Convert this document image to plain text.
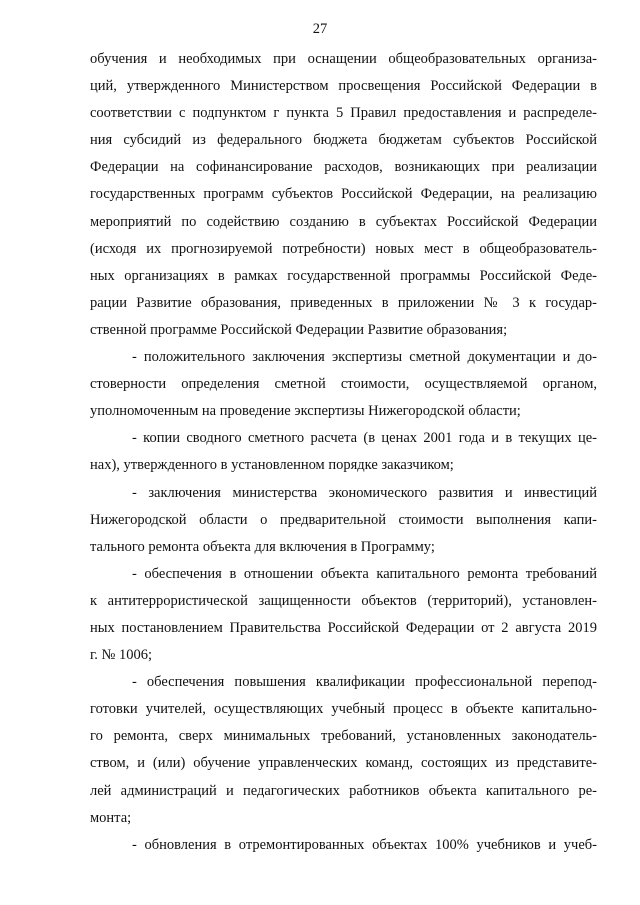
27
обучения и необходимых при оснащении общеобразовательных организа-
ций, утвержденного Министерством просвещения Российской Федерации в
соответствии с подпунктом г пункта 5 Правил предоставления и распределе-
ния субсидий из федерального бюджета бюджетам субъектов Российской
Федерации на софинансирование расходов, возникающих при реализации
государственных программ субъектов Российской Федерации, на реализацию
мероприятий по содействию созданию в субъектах Российской Федерации
(исходя их прогнозируемой потребности) новых мест в общеобразователь-
ных организациях в рамках государственной программы Российской Феде-
рации Развитие образования, приведенных в приложении № 3 к государ-
ственной программе Российской Федерации Развитие образования;
- положительного заключения экспертизы сметной документации и до-
стоверности определения сметной стоимости, осуществляемой органом,
уполномоченным на проведение экспертизы Нижегородской области;
- копии сводного сметного расчета (в ценах 2001 года и в текущих це-
нах), утвержденного в установленном порядке заказчиком;
- заключения министерства экономического развития и инвестиций
Нижегородской области о предварительной стоимости выполнения капи-
тального ремонта объекта для включения в Программу;
- обеспечения в отношении объекта капитального ремонта требований
к антитеррористической защищенности объектов (территорий), установлен-
ных постановлением Правительства Российской Федерации от 2 августа 2019
г. № 1006;
- обеспечения повышения квалификации профессиональной перепод-
готовки учителей, осуществляющих учебный процесс в объекте капитально-
го ремонта, сверх минимальных требований, установленных законодатель-
ством, и (или) обучение управленческих команд, состоящих из представите-
лей администраций и педагогических работников объекта капитального ре-
монта;
- обновления в отремонтированных объектах 100% учебников и учеб-
